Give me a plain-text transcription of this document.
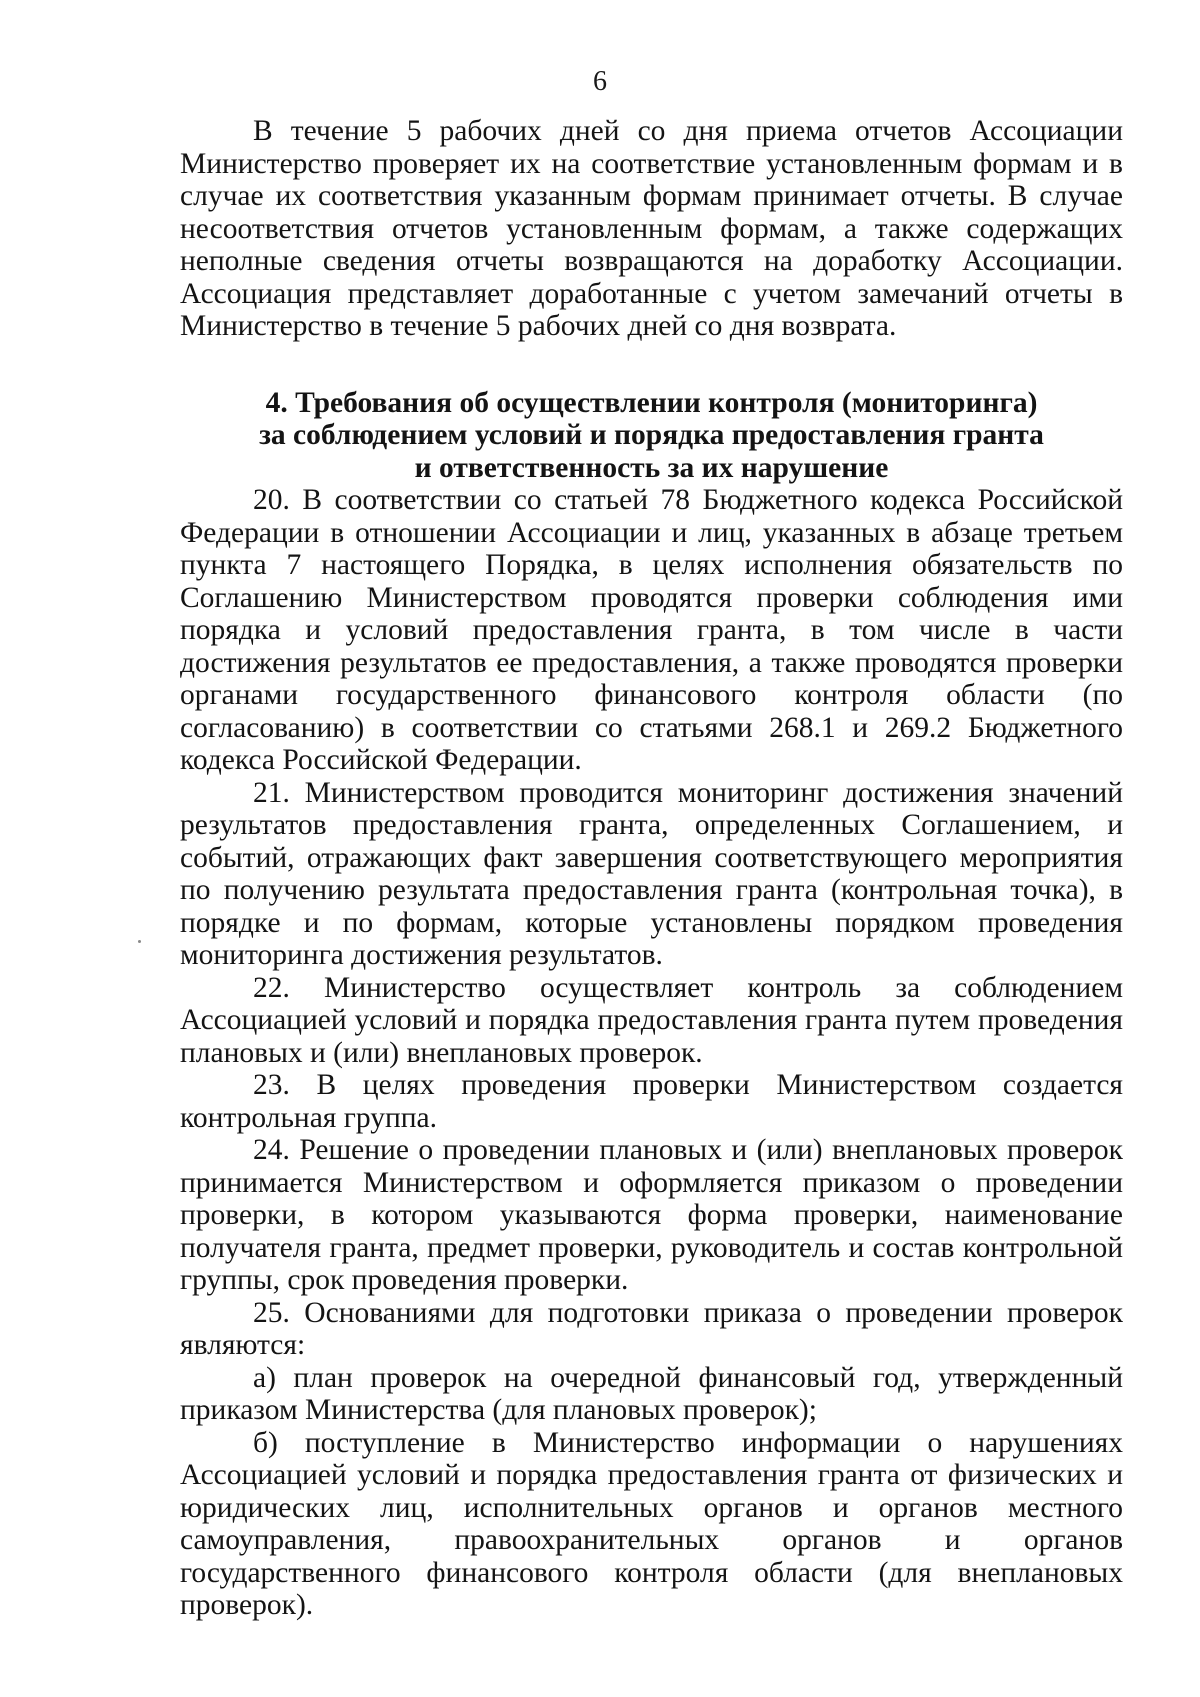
6

В течение 5 рабочих дней со дня приема отчетов Ассоциации Министерство проверяет их на соответствие установленным формам и в случае их соответствия указанным формам принимает отчеты. В случае несоответствия отчетов установленным формам, а также содержащих неполные сведения отчеты возвращаются на доработку Ассоциации. Ассоциация представляет доработанные с учетом замечаний отчеты в Министерство в течение 5 рабочих дней со дня возврата.

4. Требования об осуществлении контроля (мониторинга)
за соблюдением условий и порядка предоставления гранта
и ответственность за их нарушение

20. В соответствии со статьей 78 Бюджетного кодекса Российской Федерации в отношении Ассоциации и лиц, указанных в абзаце третьем пункта 7 настоящего Порядка, в целях исполнения обязательств по Соглашению Министерством проводятся проверки соблюдения ими порядка и условий предоставления гранта, в том числе в части достижения результатов ее предоставления, а также проводятся проверки органами государственного финансового контроля области (по согласованию) в соответствии со статьями 268.1 и 269.2 Бюджетного кодекса Российской Федерации.

21. Министерством проводится мониторинг достижения значений результатов предоставления гранта, определенных Соглашением, и событий, отражающих факт завершения соответствующего мероприятия по получению результата предоставления гранта (контрольная точка), в порядке и по формам, которые установлены порядком проведения мониторинга достижения результатов.

22. Министерство осуществляет контроль за соблюдением Ассоциацией условий и порядка предоставления гранта путем проведения плановых и (или) внеплановых проверок.

23. В целях проведения проверки Министерством создается контрольная группа.

24. Решение о проведении плановых и (или) внеплановых проверок принимается Министерством и оформляется приказом о проведении проверки, в котором указываются форма проверки, наименование получателя гранта, предмет проверки, руководитель и состав контрольной группы, срок проведения проверки.

25. Основаниями для подготовки приказа о проведении проверок являются:

а) план проверок на очередной финансовый год, утвержденный приказом Министерства (для плановых проверок);

б) поступление в Министерство информации о нарушениях Ассоциацией условий и порядка предоставления гранта от физических и юридических лиц, исполнительных органов и органов местного самоуправления, правоохранительных органов и органов государственного финансового контроля области (для внеплановых проверок).
